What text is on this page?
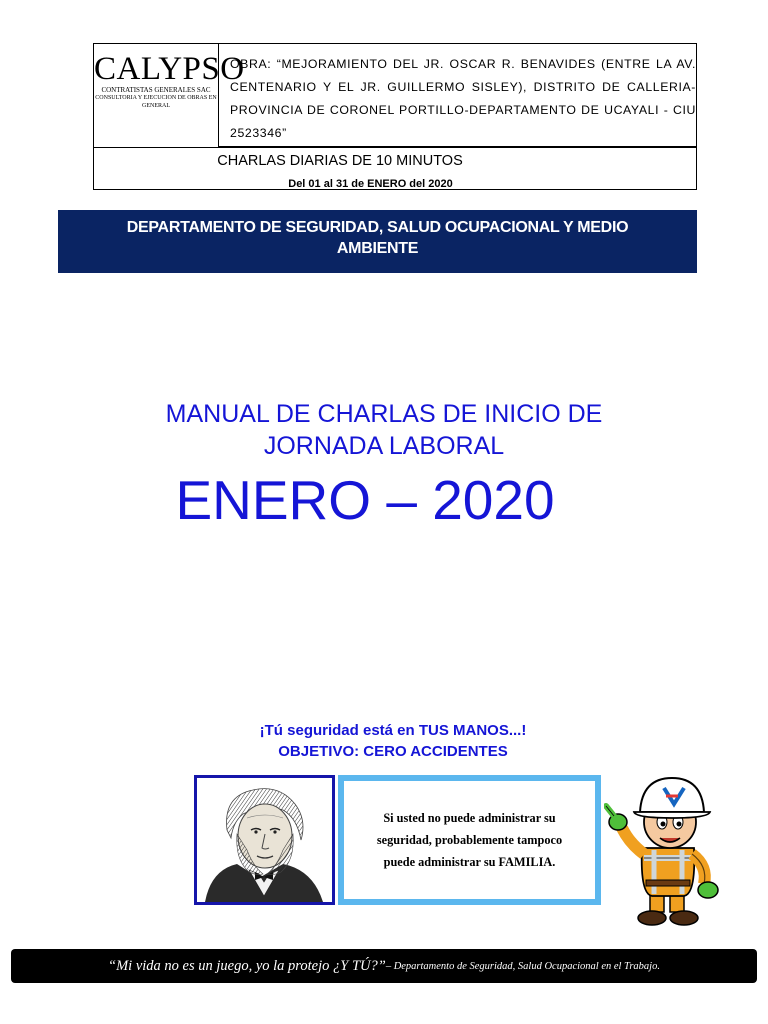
CALYPSO
CONTRATISTAS GENERALES SAC
CONSULTORIA Y EJECUCION DE OBRAS EN GENERAL
OBRA: “MEJORAMIENTO DEL JR. OSCAR R. BENAVIDES (ENTRE LA AV. CENTENARIO Y EL JR. GUILLERMO SISLEY), DISTRITO DE CALLERIA-PROVINCIA DE CORONEL PORTILLO-DEPARTAMENTO DE UCAYALI - CIU 2523346”
CHARLAS DIARIAS DE 10 MINUTOS
Del 01 al 31 de ENERO del 2020
DEPARTAMENTO DE SEGURIDAD, SALUD OCUPACIONAL Y MEDIO
AMBIENTE
MANUAL DE CHARLAS DE INICIO DE
JORNADA LABORAL
ENERO – 2020
¡Tú seguridad está en TUS MANOS...!
OBJETIVO: CERO ACCIDENTES
Si usted no puede administrar su
seguridad, probablemente tampoco
puede administrar su FAMILIA.
“Mi vida no es un juego, yo la protejo ¿Y TÚ?” – Departamento de Seguridad, Salud Ocupacional en el Trabajo.
